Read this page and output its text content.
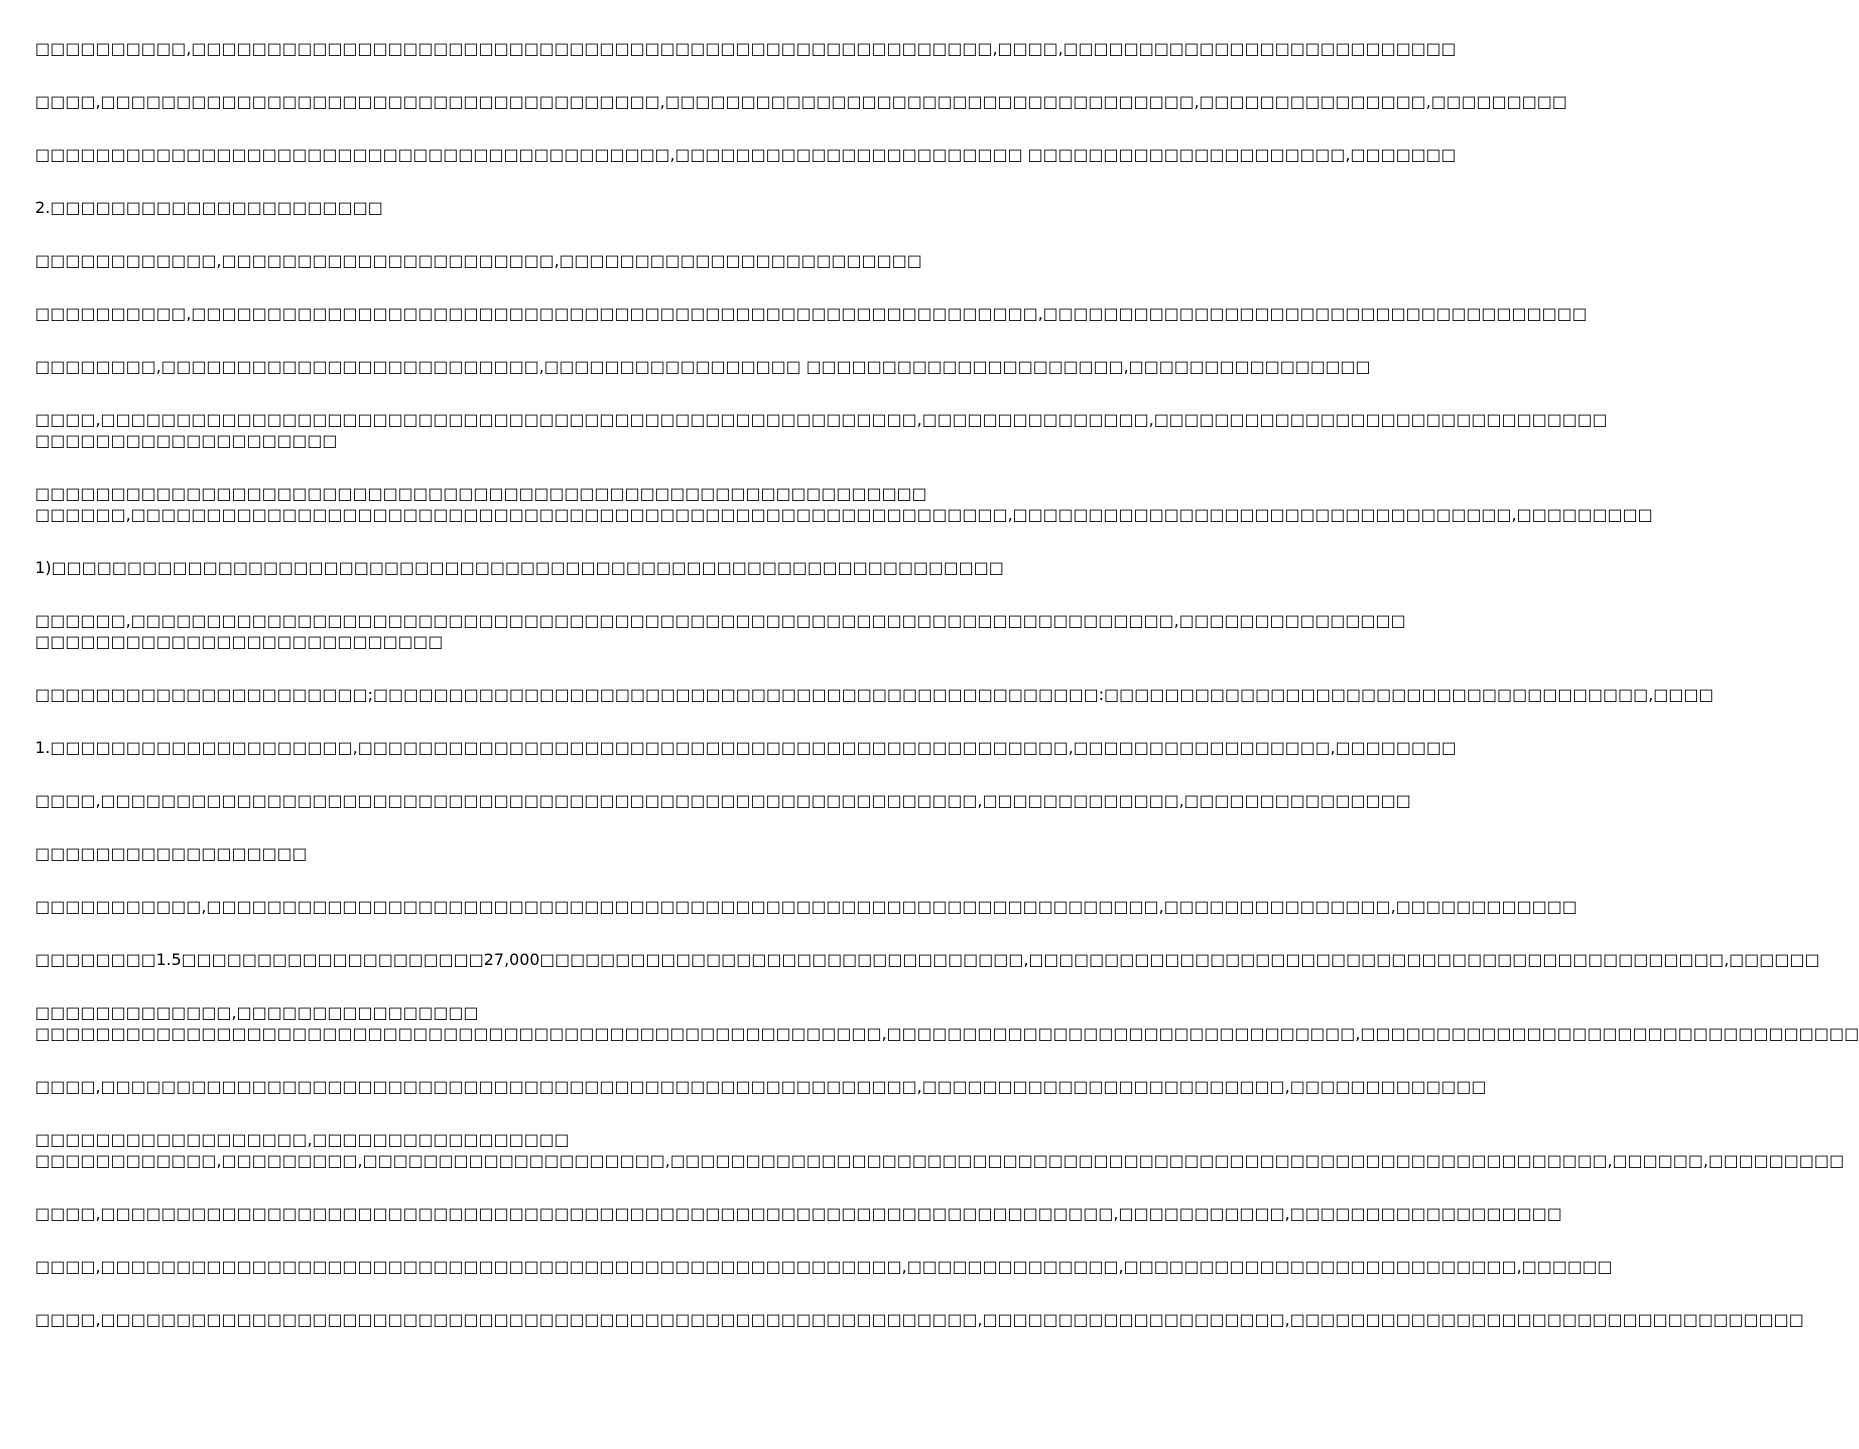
□□□□□□□□□□,□□□□□□□□□□□□□□□□□□□□□□□□□□□□□□□□□□□□□□□□□□□□□□□□□□□□□,□□□□,□□□□□□□□□□□□□□□□□□□□□□□□□□
□□□□,□□□□□□□□□□□□□□□□□□□□□□□□□□□□□□□□□□□□□,□□□□□□□□□□□□□□□□□□□□□□□□□□□□□□□□□□□,□□□□□□□□□□□□□□□,□□□□□□□□□
□□□□□□□□□□□□□□□□□□□□□□□□□□□□□□□□□□□□□□□□□□,□□□□□□□□□□□□□□□□□□□□□□□ □□□□□□□□□□□□□□□□□□□□□,□□□□□□□
2.□□□□□□□□□□□□□□□□□□□□□□
□□□□□□□□□□□□,□□□□□□□□□□□□□□□□□□□□□□,□□□□□□□□□□□□□□□□□□□□□□□□
□□□□□□□□□□,□□□□□□□□□□□□□□□□□□□□□□□□□□□□□□□□□□□□□□□□□□□□□□□□□□□□□□□□,□□□□□□□□□□□□□□□□□□□□□□□□□□□□□□□□□□□□
□□□□□□□□,□□□□□□□□□□□□□□□□□□□□□□□□□,□□□□□□□□□□□□□□□□□ □□□□□□□□□□□□□□□□□□□□□,□□□□□□□□□□□□□□□□
□□□□,□□□□□□□□□□□□□□□□□□□□□□□□□□□□□□□□□□□□□□□□□□□□□□□□□□□□□□,□□□□□□□□□□□□□□□,□□□□□□□□□□□□□□□□□□□□□□□□□□□□□□
□□□□□□□□□□□□□□□□□□□□
□□□□□□□□□□□□□□□□□□□□□□□□□□□□□□□□□□□□□□□□□□□□□□□□□□□□□□□□□□□
□□□□□□,□□□□□□□□□□□□□□□□□□□□□□□□□□□□□□□□□□□□□□□□□□□□□□□□□□□□□□□□□□,□□□□□□□□□□□□□□□□□□□□□□□□□□□□□□□□□,□□□□□□□□□
1)□□□□□□□□□□□□□□□□□□□□□□□□□□□□□□□□□□□□□□□□□□□□□□□□□□□□□□□□□□□□□□□
□□□□□□,□□□□□□□□□□□□□□□□□□□□□□□□□□□□□□□□□□□□□□□□□□□□□□□□□□□□□□□□□□□□□□□□□□□□□,□□□□□□□□□□□□□□□
□□□□□□□□□□□□□□□□□□□□□□□□□□□
□□□□□□□□□□□□□□□□□□□□□□;□□□□□□□□□□□□□□□□□□□□□□□□□□□□□□□□□□□□□□□□□□□□□□□□:□□□□□□□□□□□□□□□□□□□□□□□□□□□□□□□□□□□□,□□□□
1.□□□□□□□□□□□□□□□□□□□□,□□□□□□□□□□□□□□□□□□□□□□□□□□□□□□□□□□□□□□□□□□□□□□□,□□□□□□□□□□□□□□□□□,□□□□□□□□
□□□□,□□□□□□□□□□□□□□□□□□□□□□□□□□□□□□□□□□□□□□□□□□□□□□□□□□□□□□□□□□,□□□□□□□□□□□□□,□□□□□□□□□□□□□□□
□□□□□□□□□□□□□□□□□□
□□□□□□□□□□□,□□□□□□□□□□□□□□□□□□□□□□□□□□□□□□□□□□□□□□□□□□□□□□□□□□□□□□□□□□□□□□□,□□□□□□□□□□□□□□□,□□□□□□□□□□□□
□□□□□□□□1.5□□□□□□□□□□□□□□□□□□□□27,000□□□□□□□□□□□□□□□□□□□□□□□□□□□□□□□□,□□□□□□□□□□□□□□□□□□□□□□□□□□□□□□□□□□□□□□□□□□□□□□,□□□□□□
□□□□□□□□□□□□□,□□□□□□□□□□□□□□□□
□□□□□□□□□□□□□□□□□□□□□□□□□□□□□□□□□□□□□□□□□□□□□□□□□□□□□□□□,□□□□□□□□□□□□□□□□□□□□□□□□□□□□□□□,□□□□□□□□□□□□□□□□□□□□□□□□□□□□□□□□□
□□□□,□□□□□□□□□□□□□□□□□□□□□□□□□□□□□□□□□□□□□□□□□□□□□□□□□□□□□□,□□□□□□□□□□□□□□□□□□□□□□□□,□□□□□□□□□□□□□
□□□□□□□□□□□□□□□□□□,□□□□□□□□□□□□□□□□□
□□□□□□□□□□□□,□□□□□□□□□,□□□□□□□□□□□□□□□□□□□□,□□□□□□□□□□□□□□□□□□□□□□□□□□□□□□□□□□□□□□□□□□□□□□□□□□□□□□□□□□□□□□,□□□□□□,□□□□□□□□□
□□□□,□□□□□□□□□□□□□□□□□□□□□□□□□□□□□□□□□□□□□□□□□□□□□□□□□□□□□□□□□□□□□□□□□□□,□□□□□□□□□□□,□□□□□□□□□□□□□□□□□□
□□□□,□□□□□□□□□□□□□□□□□□□□□□□□□□□□□□□□□□□□□□□□□□□□□□□□□□□□□,□□□□□□□□□□□□□□,□□□□□□□□□□□□□□□□□□□□□□□□□□,□□□□□□
□□□□,□□□□□□□□□□□□□□□□□□□□□□□□□□□□□□□□□□□□□□□□□□□□□□□□□□□□□□□□□□,□□□□□□□□□□□□□□□□□□□□,□□□□□□□□□□□□□□□□□□□□□□□□□□□□□□□□□□
